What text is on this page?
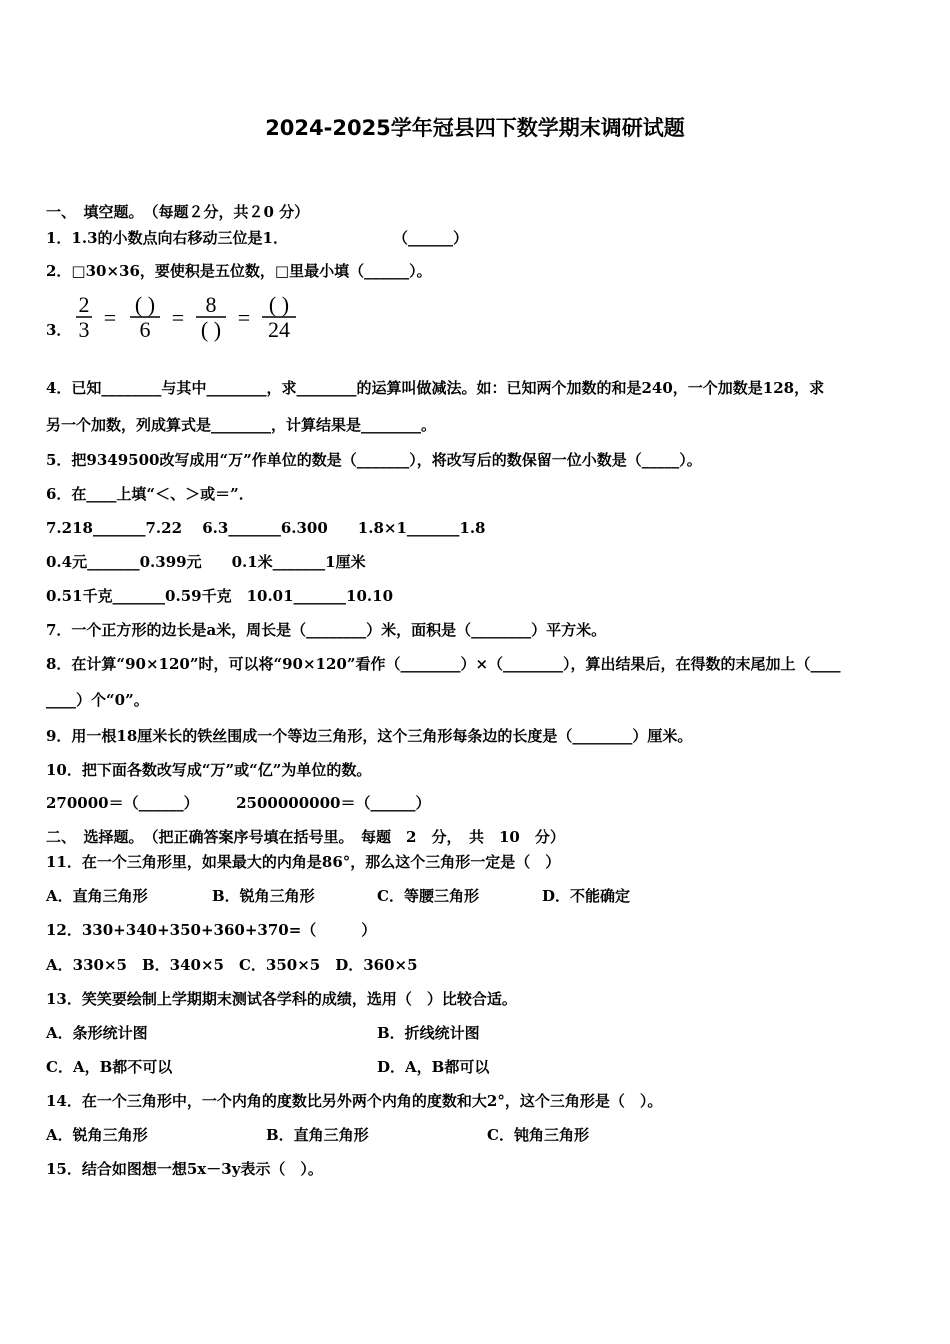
2024-2025学年冠县四下数学期末调研试题
一、　填空题。　（每题２分，共２0 分）
1．1.3的小数点向右移动三位是1．　　　　　　　　（______）
2．□30×36，要使积是五位数，□里最小填（______）。
3．
2
3 =
( )
6 =
8
( ) =
( )
24
4．已知________与其中________，求________的运算叫做减法。如：已知两个加数的和是240，一个加数是128，求
另一个加数，列成算式是________，计算结果是________。
5．把9349500改写成用“万”作单位的数是（_______），将改写后的数保留一位小数是（_____）。
6．在____上填“＜、＞或＝”．
7.218_______7.22　 6.3_______6.300　　1.8×1_______1.8
0.4元_______0.399元　　0.1米_______1厘米
0.51千克_______0.59千克　10.01_______10.10
7．一个正方形的边长是a米，周长是（________）米，面积是（________）平方米。
8．在计算“90×120”时，可以将“90×120”看作（________）×（________），算出结果后，在得数的末尾加上（____
____）个“0”。
9．用一根18厘米长的铁丝围成一个等边三角形，这个三角形每条边的长度是（________）厘米。
10．把下面各数改写成“万”或“亿”为单位的数。
270000＝（______）　　　2500000000＝（______）
二、　选择题。　（把正确答案序号填在括号里。　每题　2　分，　共　10　分）
11．在一个三角形里，如果最大的内角是86°，那么这个三角形一定是（　）
A．直角三角形	B．锐角三角形	C．等腰三角形	D．不能确定
12．330+340+350+360+370=（　　　）
A．330×5　B．340×5　C．350×5　D．360×5
13．笑笑要绘制上学期期末测试各学科的成绩，选用（　）比较合适。
A．条形统计图	B．折线统计图
C．A，B都不可以	D．A，B都可以
14．在一个三角形中，一个内角的度数比另外两个内角的度数和大2°，这个三角形是（　）。
A．锐角三角形	B．直角三角形	C．钝角三角形
15．结合如图想一想5x－3y表示（　）。
